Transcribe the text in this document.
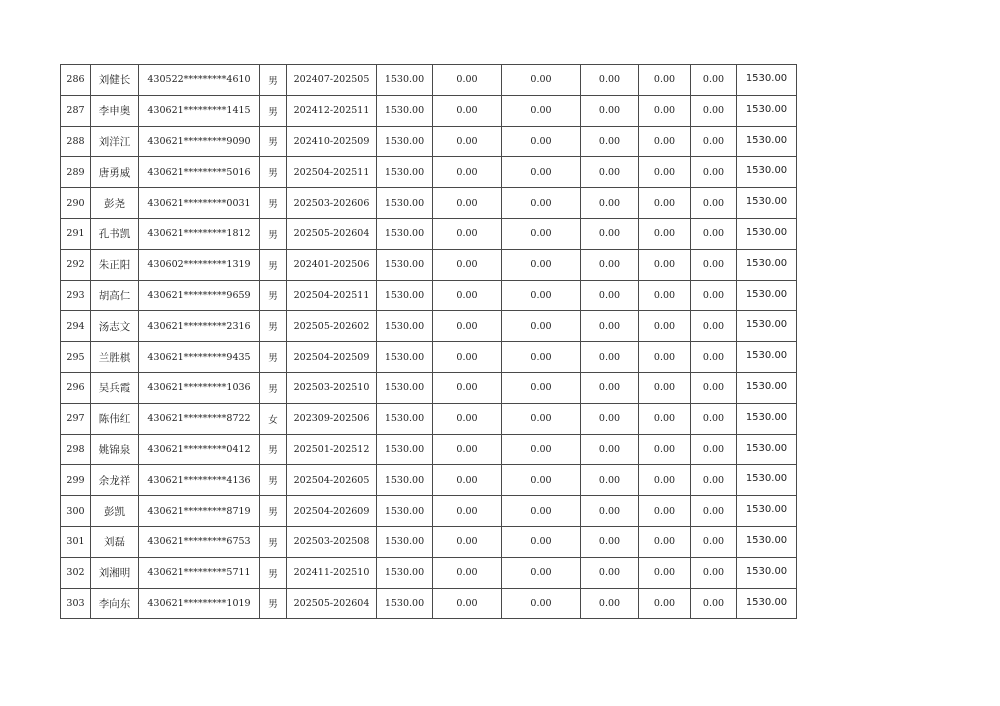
286	刘健长	430522*********4610	男	202407-202505	1530.00	0.00	0.00	0.00	0.00	0.00	1530.00
287	李申奥	430621*********1415	男	202412-202511	1530.00	0.00	0.00	0.00	0.00	0.00	1530.00
288	刘洋江	430621*********9090	男	202410-202509	1530.00	0.00	0.00	0.00	0.00	0.00	1530.00
289	唐勇威	430621*********5016	男	202504-202511	1530.00	0.00	0.00	0.00	0.00	0.00	1530.00
290	彭尧	430621*********0031	男	202503-202606	1530.00	0.00	0.00	0.00	0.00	0.00	1530.00
291	孔书凯	430621*********1812	男	202505-202604	1530.00	0.00	0.00	0.00	0.00	0.00	1530.00
292	朱正阳	430602*********1319	男	202401-202506	1530.00	0.00	0.00	0.00	0.00	0.00	1530.00
293	胡高仁	430621*********9659	男	202504-202511	1530.00	0.00	0.00	0.00	0.00	0.00	1530.00
294	汤志文	430621*********2316	男	202505-202602	1530.00	0.00	0.00	0.00	0.00	0.00	1530.00
295	兰胜棋	430621*********9435	男	202504-202509	1530.00	0.00	0.00	0.00	0.00	0.00	1530.00
296	吴兵霞	430621*********1036	男	202503-202510	1530.00	0.00	0.00	0.00	0.00	0.00	1530.00
297	陈伟红	430621*********8722	女	202309-202506	1530.00	0.00	0.00	0.00	0.00	0.00	1530.00
298	姚锦泉	430621*********0412	男	202501-202512	1530.00	0.00	0.00	0.00	0.00	0.00	1530.00
299	余龙祥	430621*********4136	男	202504-202605	1530.00	0.00	0.00	0.00	0.00	0.00	1530.00
300	彭凯	430621*********8719	男	202504-202609	1530.00	0.00	0.00	0.00	0.00	0.00	1530.00
301	刘磊	430621*********6753	男	202503-202508	1530.00	0.00	0.00	0.00	0.00	0.00	1530.00
302	刘湘明	430621*********5711	男	202411-202510	1530.00	0.00	0.00	0.00	0.00	0.00	1530.00
303	李向东	430621*********1019	男	202505-202604	1530.00	0.00	0.00	0.00	0.00	0.00	1530.00
